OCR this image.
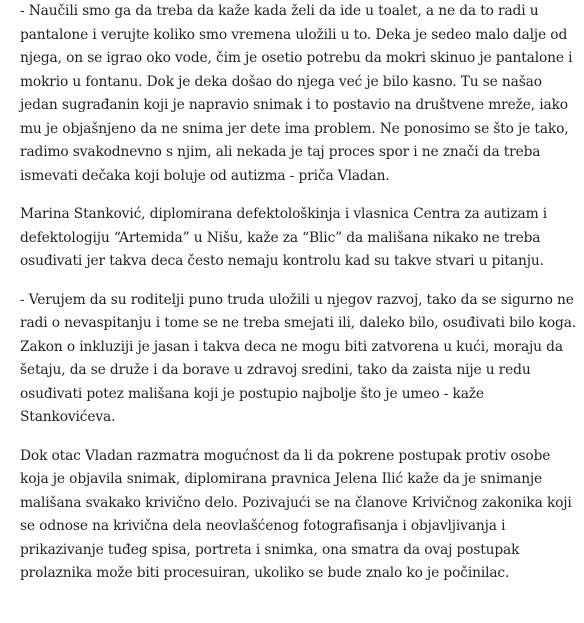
- Naučili smo ga da treba da kaže kada želi da ide u toalet, a ne da to radi u
pantalone i verujte koliko smo vremena uložili u to. Deka je sedeo malo dalje od
njega, on se igrao oko vode, čim je osetio potrebu da mokri skinuo je pantalone i
mokrio u fontanu. Dok je deka došao do njega već je bilo kasno. Tu se našao
jedan sugrađanin koji je napravio snimak i to postavio na društvene mreže, iako
mu je objašnjeno da ne snima jer dete ima problem. Ne ponosimo se što je tako,
radimo svakodnevno s njim, ali nekada je taj proces spor i ne znači da treba
ismevati dečaka koji boluje od autizma - priča Vladan.

Marina Stanković, diplomirana defektološkinja i vlasnica Centra za autizam i
defektologiju “Artemida” u Nišu, kaže za “Blic” da mališana nikako ne treba
osuđivati jer takva deca često nemaju kontrolu kad su takve stvari u pitanju.

- Verujem da su roditelji puno truda uložili u njegov razvoj, tako da se sigurno ne
radi o nevaspitanju i tome se ne treba smejati ili, daleko bilo, osuđivati bilo koga.
Zakon o inkluziji je jasan i takva deca ne mogu biti zatvorena u kući, moraju da
šetaju, da se druže i da borave u zdravoj sredini, tako da zaista nije u redu
osuđivati potez mališana koji je postupio najbolje što je umeo - kaže
Stankovićeva.

Dok otac Vladan razmatra mogućnost da li da pokrene postupak protiv osobe
koja je objavila snimak, diplomirana pravnica Jelena Ilić kaže da je snimanje
mališana svakako krivično delo. Pozivajući se na članove Krivičnog zakonika koji
se odnose na krivična dela neovlašćenog fotografisanja i objavljivanja i
prikazivanje tuđeg spisa, portreta i snimka, ona smatra da ovaj postupak
prolaznika može biti procesuiran, ukoliko se bude znalo ko je počinilac.
